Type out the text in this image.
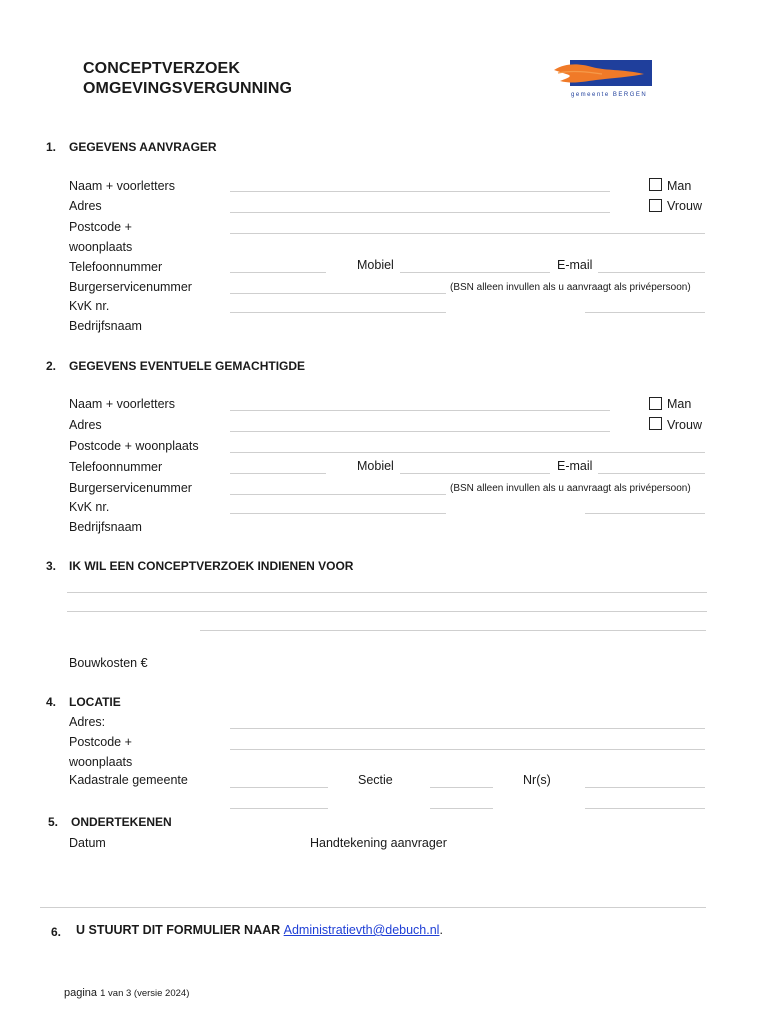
CONCEPTVERZOEK
OMGEVINGSVERGUNNING	gemeente BERGEN
1. GEGEVENS AANVRAGER
Naam + voorletters	Man
Adres	Vrouw
Postcode +
woonplaats
Telefoonnummer	Mobiel	E-mail
Burgerservicenummer	(BSN alleen invullen als u aanvraagt als privépersoon)
KvK nr.
Bedrijfsnaam
2. GEGEVENS EVENTUELE GEMACHTIGDE
Naam + voorletters	Man
Adres	Vrouw
Postcode + woonplaats
Telefoonnummer	Mobiel	E-mail
Burgerservicenummer	(BSN alleen invullen als u aanvraagt als privépersoon)
KvK nr.
Bedrijfsnaam
3. IK WIL EEN CONCEPTVERZOEK INDIENEN VOOR
Bouwkosten €
4. LOCATIE
Adres:
Postcode +
woonplaats
Kadastrale gemeente	Sectie	Nr(s)
5. ONDERTEKENEN
Datum	Handtekening aanvrager
6. U STUURT DIT FORMULIER NAAR Administratievth@debuch.nl.
pagina 1 van 3 (versie 2024)
